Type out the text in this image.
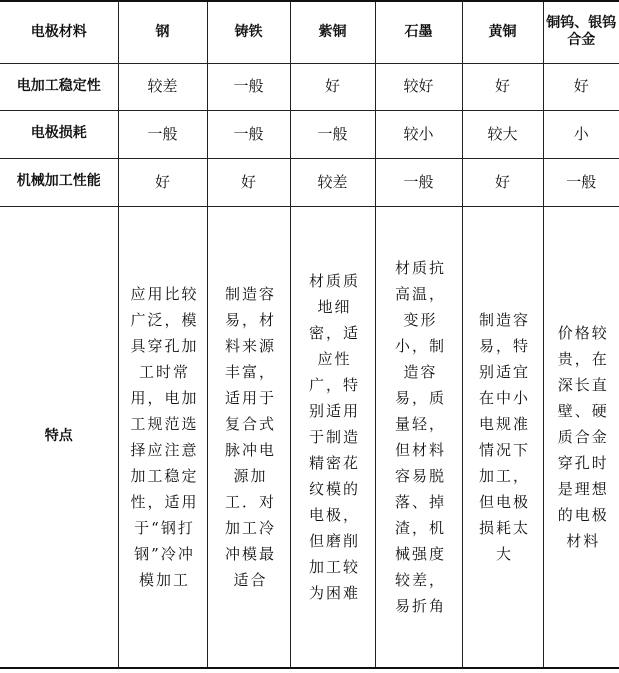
电极材料	钢	铸铁	紫铜	石墨	黄铜	铜钨、银钨合金
电加工稳定性	较差	一般	好	较好	好	好
电极损耗	一般	一般	一般	较小	较大	小
机械加工性能	好	好	较差	一般	好	一般
特点	应用比较广泛，模具穿孔加工时常用，电加工规范选择应注意加工稳定性，适用于“钢打钢”冷冲模加工	制造容易，材料来源丰富，适用于复合式脉冲电源加工．对加工冷冲模最适合	材质质地细密，适应性广，特别适用于制造精密花纹模的电极，但磨削加工较为困难	材质抗高温，变形小，制造容易，质量轻，但材料容易脱落、掉渣，机械强度较差，易折角	制造容易，特别适宜在中小电规准情况下加工，但电极损耗太大	价格较贵，在深长直壁、硬质合金穿孔时是理想的电极材料
